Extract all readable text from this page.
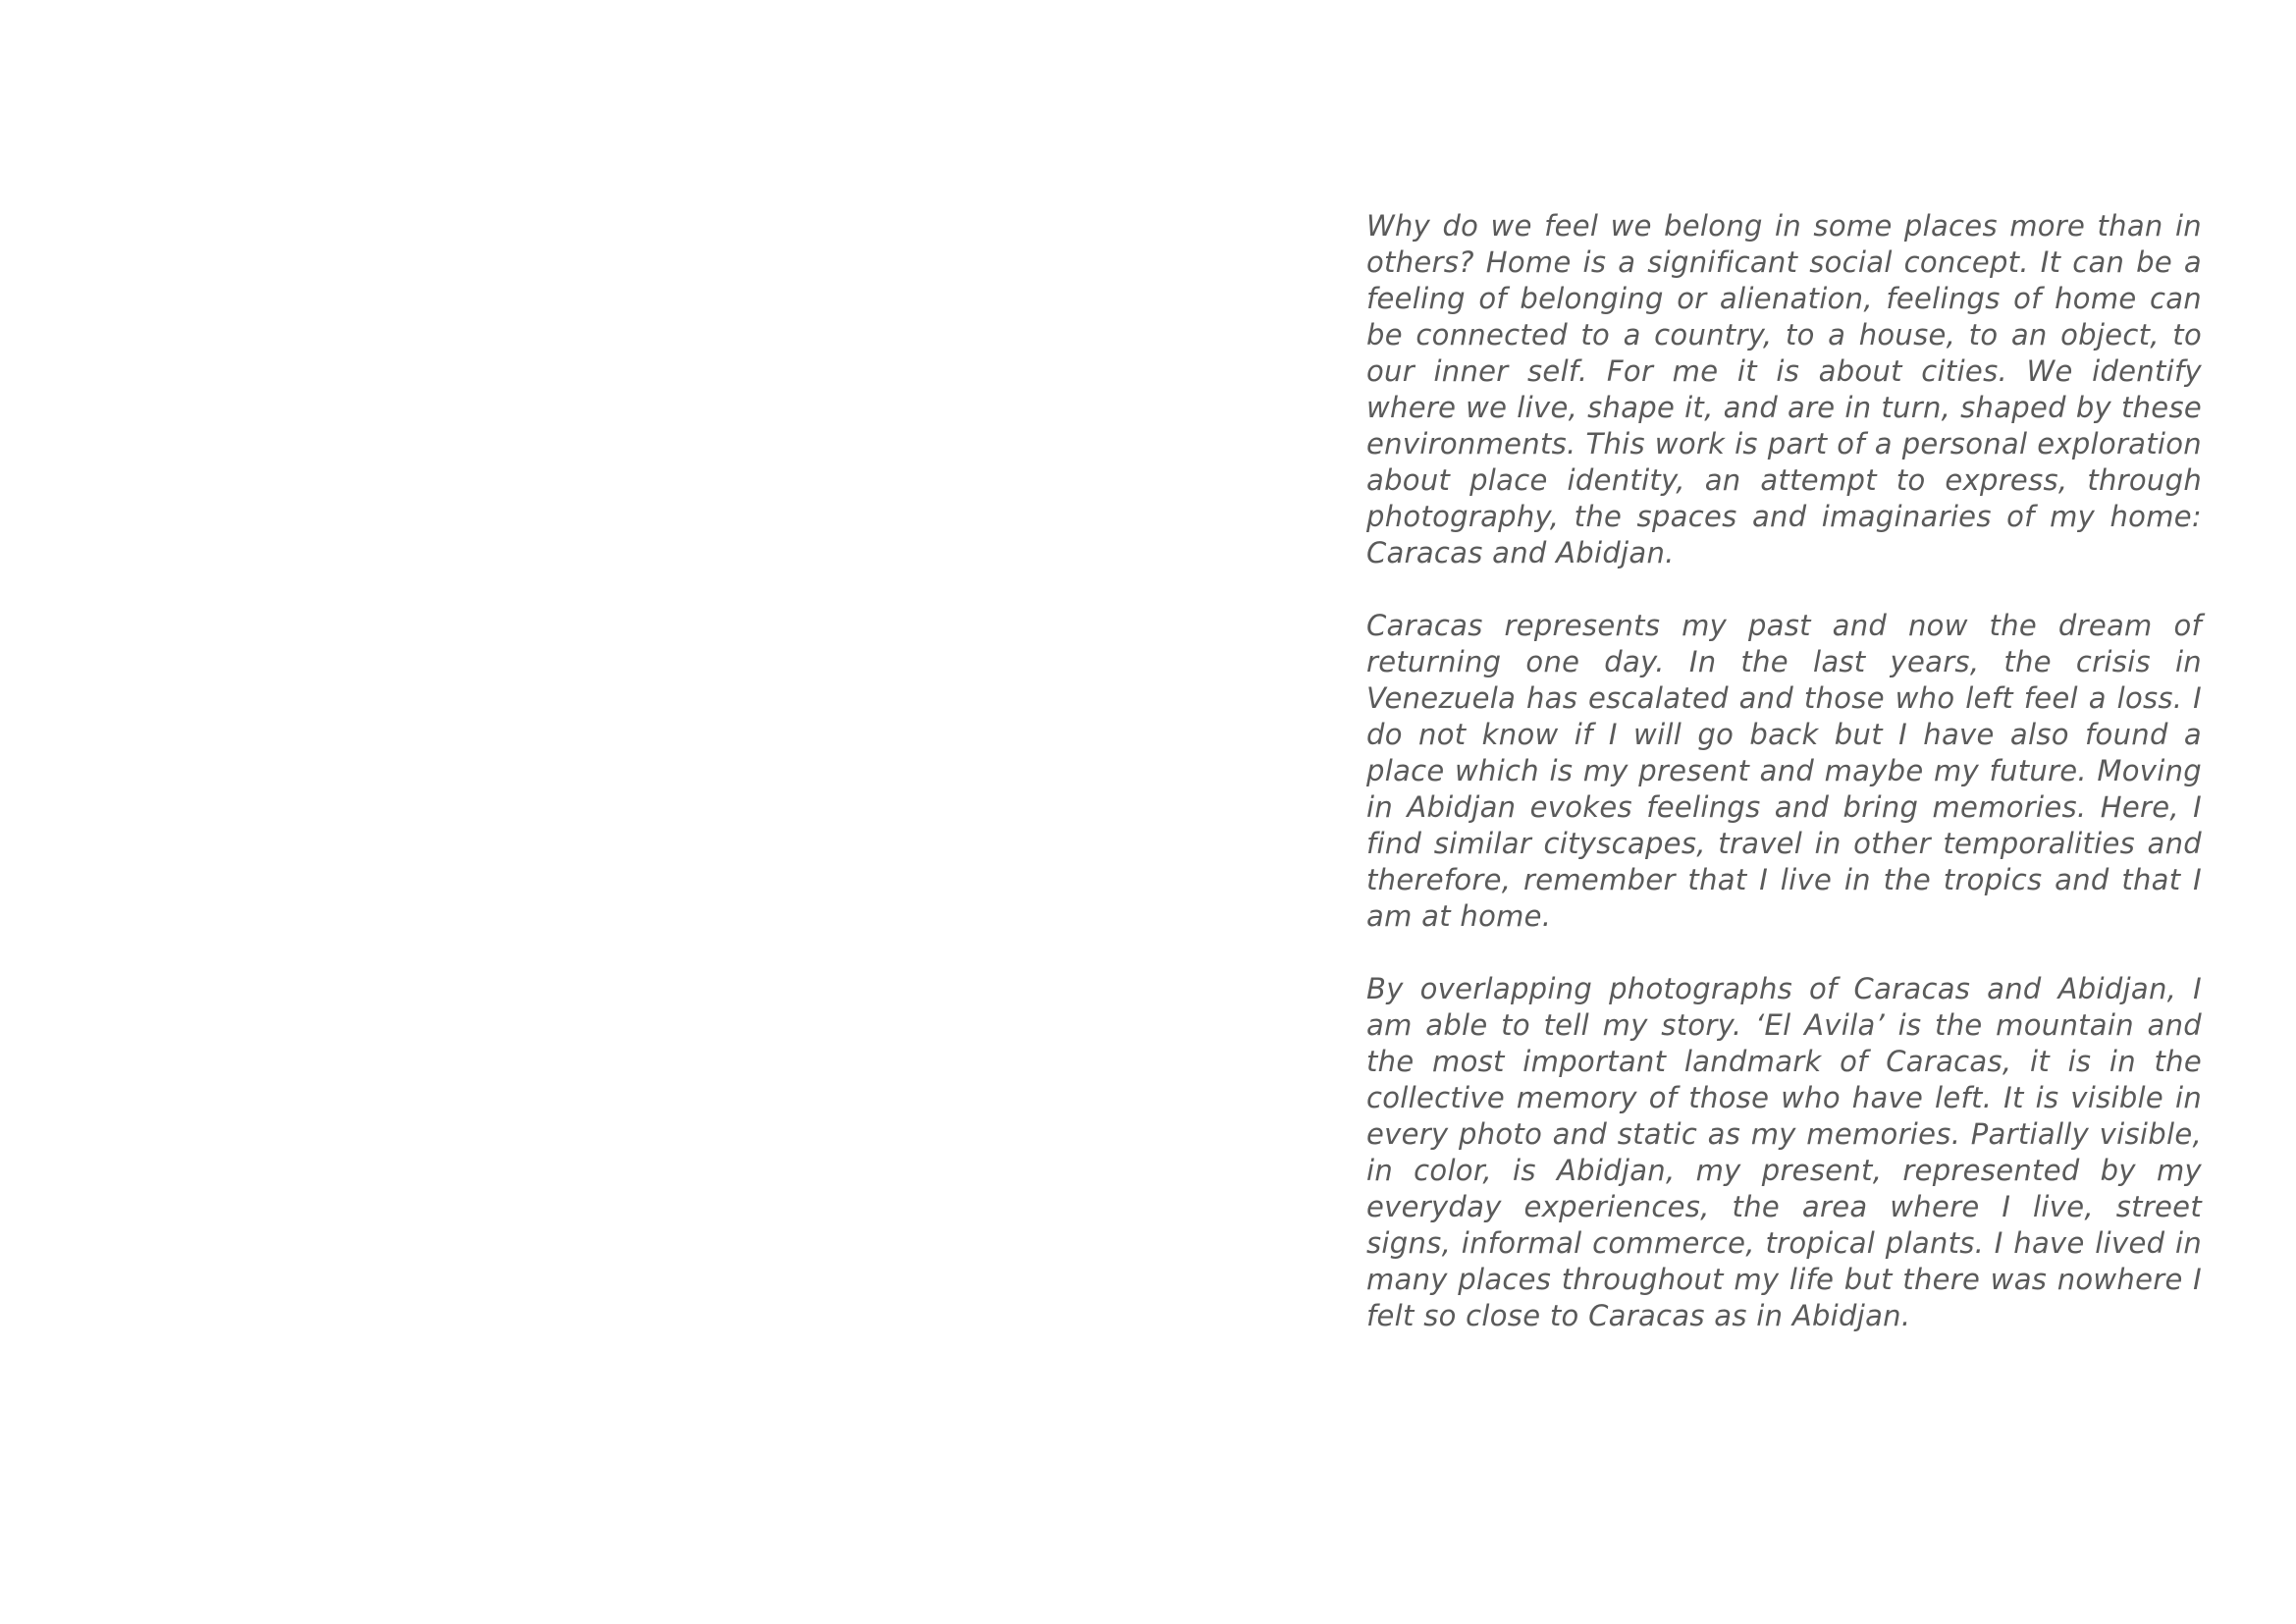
Why do we feel we belong in some places more than in others? Home is a significant social concept. It can be a feeling of belonging or alienation, feelings of home can be connected to a country, to a house, to an object, to our inner self. For me it is about cities. We identify where we live, shape it, and are in turn, shaped by these environments. This work is part of a personal exploration about place identity, an attempt to express, through photography, the spaces and imaginaries of my home: Caracas and Abidjan.

Caracas represents my past and now the dream of returning one day. In the last years, the crisis in Venezuela has escalated and those who left feel a loss. I do not know if I will go back but I have also found a place which is my present and maybe my future. Moving in Abidjan evokes feelings and bring memories. Here, I find similar cityscapes, travel in other temporalities and therefore, remember that I live in the tropics and that I am at home.

By overlapping photographs of Caracas and Abidjan, I am able to tell my story. ‘El Avila’ is the mountain and the most important landmark of Caracas, it is in the collective memory of those who have left. It is visible in every photo and static as my memories. Partially visible, in color, is Abidjan, my present, represented by my everyday experiences, the area where I live, street signs, informal commerce, tropical plants. I have lived in many places throughout my life but there was nowhere I felt so close to Caracas as in Abidjan.
